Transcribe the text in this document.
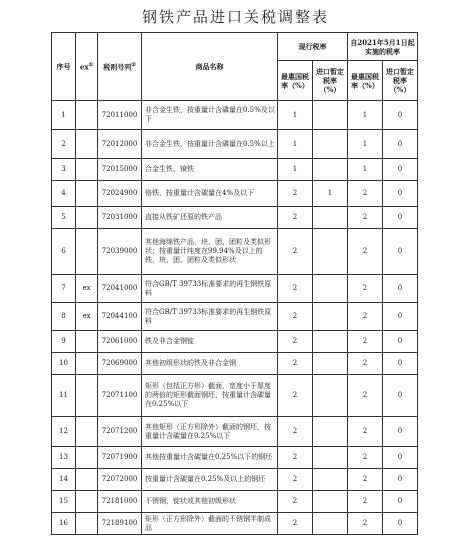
钢铁产品进口关税调整表
序号	ex①	税则号列②	商品名称	现行税率		自2021年5月1日起实施的税率	
				最惠国税率（%）	进口暂定税率（%）	最惠国税率（%）	进口暂定税率（%）
1		72011000	非合金生铁，按重量计含磷量在0.5%及以下	1		1	0
2		72012000	非合金生铁，按重量计含磷量在0.5%以上	1		1	0
3		72015000	合金生铁、镜铁	1		1	0
4		72024900	铬铁，按重量计含碳量在4%及以下	2	1	2	0
5		72031000	直接从铁矿还原的铁产品	2		2	0
6		72039000	其他海绵铁产品，块、团、团粒及类似形状；按重量计纯度在99.94%及以上的铁，块、团、团粒及类似形状	2		2	0
7	ex	72041000	符合GB/T 39733标准要求的再生钢铁原料	2		2	0
8	ex	72044100	符合GB/T 39733标准要求的再生钢铁原料	2		2	0
9		72061000	铁及非合金钢锭	2		2	0
10		72069000	其他初级形状的铁及非合金钢	2		2	0
11		72071100	矩形（包括正方形）截面，宽度小于厚度的两倍的矩形截面钢坯，按重量计含碳量在0.25%以下	2		2	0
12		72071200	其他矩形（正方形除外）截面的钢坯，按重量计含碳量在0.25%以下	2		2	0
13		72071900	其他按重量计含碳量在0.25%以下的钢坯	2		2	0
14		72072000	按重量计含碳量在0.25%及以上的钢坯	2		2	0
15		72181000	不锈钢，锭状或其他初级形状	2		2	0
16		72189100	矩形（正方形除外）截面的不锈钢半制成品	2		2	0
